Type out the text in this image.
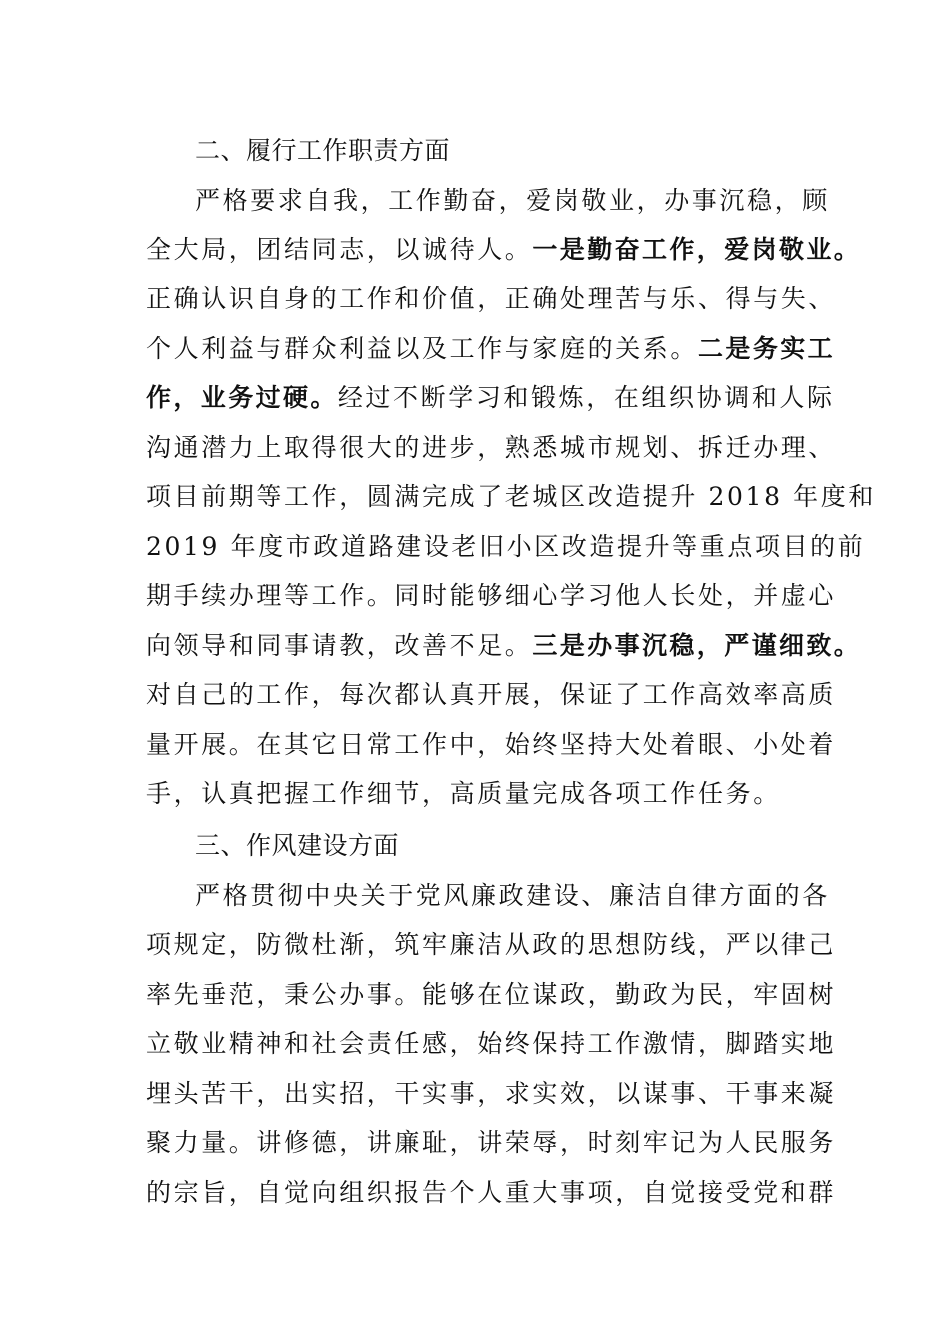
二、履行工作职责方面
严格要求自我，工作勤奋，爱岗敬业，办事沉稳，顾
全大局，团结同志，以诚待人。一是勤奋工作，爱岗敬业。
正确认识自身的工作和价值，正确处理苦与乐、得与失、
个人利益与群众利益以及工作与家庭的关系。二是务实工
作，业务过硬。经过不断学习和锻炼，在组织协调和人际
沟通潜力上取得很大的进步，熟悉城市规划、拆迁办理、
项目前期等工作，圆满完成了老城区改造提升 2018 年度和
2019 年度市政道路建设老旧小区改造提升等重点项目的前
期手续办理等工作。同时能够细心学习他人长处，并虚心
向领导和同事请教，改善不足。三是办事沉稳，严谨细致。
对自己的工作，每次都认真开展，保证了工作高效率高质
量开展。在其它日常工作中，始终坚持大处着眼、小处着
手，认真把握工作细节，高质量完成各项工作任务。
三、作风建设方面
严格贯彻中央关于党风廉政建设、廉洁自律方面的各
项规定，防微杜渐，筑牢廉洁从政的思想防线，严以律己
率先垂范，秉公办事。能够在位谋政，勤政为民，牢固树
立敬业精神和社会责任感，始终保持工作激情，脚踏实地
埋头苦干，出实招，干实事，求实效，以谋事、干事来凝
聚力量。讲修德，讲廉耻，讲荣辱，时刻牢记为人民服务
的宗旨，自觉向组织报告个人重大事项，自觉接受党和群
